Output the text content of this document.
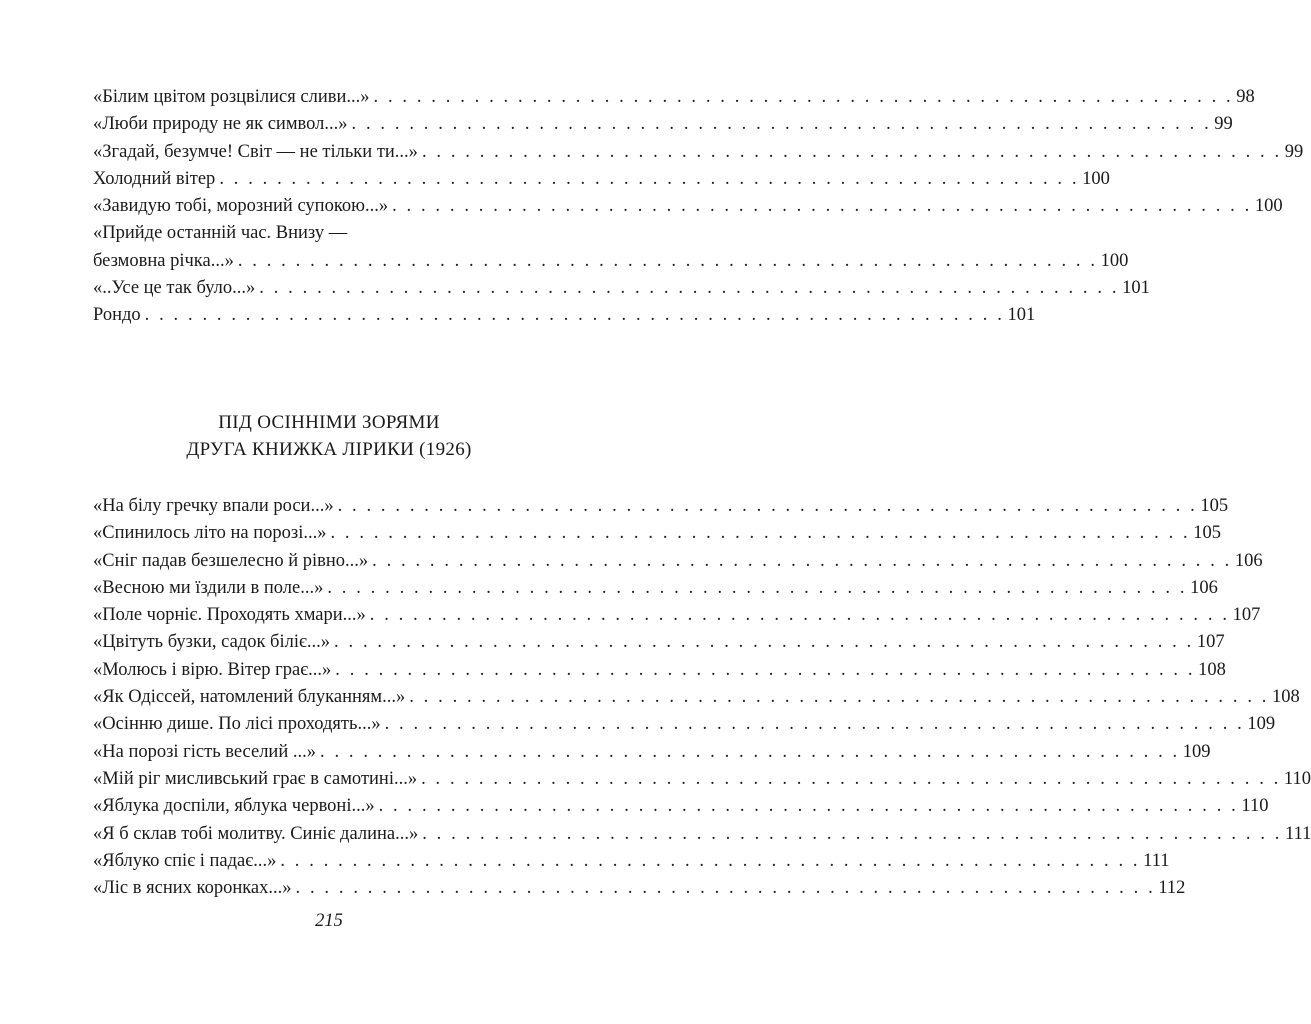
«Білим цвітом розцвілися сливи...» . . . . . . . . . . . . . . . . . . . . . . . . . . . . . . . . . . . . . . . . . . . . . . . . . . . . . . . . . . . . 98
«Люби природу не як символ...» . . . . . . . . . . . . . . . . . . . . . . . . . . . . . . . . . . . . . . . . . . . . . . . . . . . . . . . . . . . . 99
«Згадай, безумче! Світ — не тільки ти...» . . . . . . . . . . . . . . . . . . . . . . . . . . . . . . . . . . . . . . . . . . . . . . . . . . . . . . . . . . . . 99
Холодний вітер . . . . . . . . . . . . . . . . . . . . . . . . . . . . . . . . . . . . . . . . . . . . . . . . . . . . . . . . . . . . 100
«Завидую тобі, морозний супокою...» . . . . . . . . . . . . . . . . . . . . . . . . . . . . . . . . . . . . . . . . . . . . . . . . . . . . . . . . . . . . 100
«Прийде останній час. Внизу —
безмовна річка...» . . . . . . . . . . . . . . . . . . . . . . . . . . . . . . . . . . . . . . . . . . . . . . . . . . . . . . . . . . . . 100
«..Усе це так було...» . . . . . . . . . . . . . . . . . . . . . . . . . . . . . . . . . . . . . . . . . . . . . . . . . . . . . . . . . . . . 101
Рондо . . . . . . . . . . . . . . . . . . . . . . . . . . . . . . . . . . . . . . . . . . . . . . . . . . . . . . . . . . . . 101
ПІД ОСІННІМИ ЗОРЯМИ
ДРУГА КНИЖКА ЛІРИКИ (1926)
«На білу гречку впали роси...» . . . . . . . . . . . . . . . . . . . . . . . . . . . . . . . . . . . . . . . . . . . . . . . . . . . . . . . . . . . . 105
«Спинилось літо на порозі...» . . . . . . . . . . . . . . . . . . . . . . . . . . . . . . . . . . . . . . . . . . . . . . . . . . . . . . . . . . . . 105
«Сніг падав безшелесно й рівно...» . . . . . . . . . . . . . . . . . . . . . . . . . . . . . . . . . . . . . . . . . . . . . . . . . . . . . . . . . . . . 106
«Весною ми їздили в поле...» . . . . . . . . . . . . . . . . . . . . . . . . . . . . . . . . . . . . . . . . . . . . . . . . . . . . . . . . . . . . 106
«Поле чорніє. Проходять хмари...» . . . . . . . . . . . . . . . . . . . . . . . . . . . . . . . . . . . . . . . . . . . . . . . . . . . . . . . . . . . . 107
«Цвітуть бузки, садок біліє...» . . . . . . . . . . . . . . . . . . . . . . . . . . . . . . . . . . . . . . . . . . . . . . . . . . . . . . . . . . . . 107
«Молюсь і вірю. Вітер грає...» . . . . . . . . . . . . . . . . . . . . . . . . . . . . . . . . . . . . . . . . . . . . . . . . . . . . . . . . . . . . 108
«Як Одіссей, натомлений блуканням...» . . . . . . . . . . . . . . . . . . . . . . . . . . . . . . . . . . . . . . . . . . . . . . . . . . . . . . . . . . . . 108
«Осінню дише. По лісі проходять...» . . . . . . . . . . . . . . . . . . . . . . . . . . . . . . . . . . . . . . . . . . . . . . . . . . . . . . . . . . . . 109
«На порозі гість веселий ...» . . . . . . . . . . . . . . . . . . . . . . . . . . . . . . . . . . . . . . . . . . . . . . . . . . . . . . . . . . . . 109
«Мій ріг мисливський грає в самотині...» . . . . . . . . . . . . . . . . . . . . . . . . . . . . . . . . . . . . . . . . . . . . . . . . . . . . . . . . . . . . 110
«Яблука доспіли, яблука червоні...» . . . . . . . . . . . . . . . . . . . . . . . . . . . . . . . . . . . . . . . . . . . . . . . . . . . . . . . . . . . . 110
«Я б склав тобі молитву. Синіє далина...» . . . . . . . . . . . . . . . . . . . . . . . . . . . . . . . . . . . . . . . . . . . . . . . . . . . . . . . . . . . . 111
«Яблуко спіє і падає...» . . . . . . . . . . . . . . . . . . . . . . . . . . . . . . . . . . . . . . . . . . . . . . . . . . . . . . . . . . . . 111
«Ліс в ясних коронках...» . . . . . . . . . . . . . . . . . . . . . . . . . . . . . . . . . . . . . . . . . . . . . . . . . . . . . . . . . . . . 112
215
